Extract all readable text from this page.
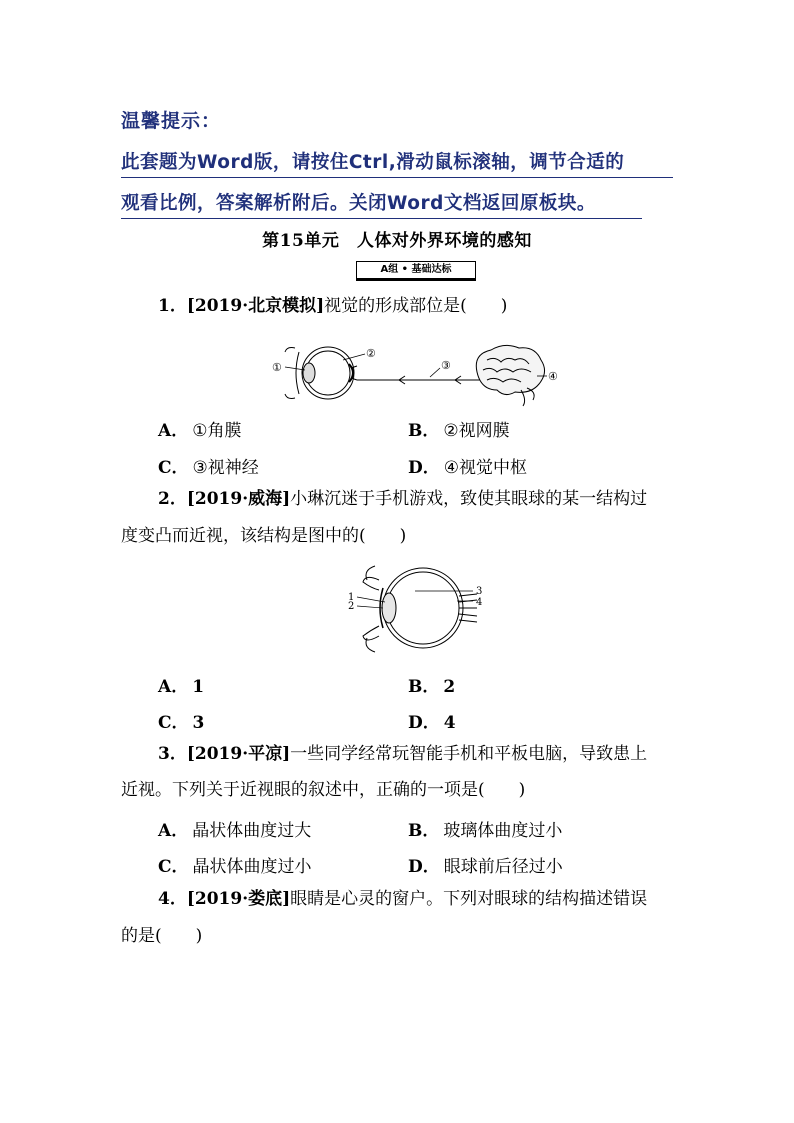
温馨提示：
此套题为Word版，请按住Ctrl,滑动鼠标滚轴，调节合适的
观看比例，答案解析附后。关闭Word文档返回原板块。
第15单元　人体对外界环境的感知
A组 • 基础达标
1．[2019·北京模拟]视觉的形成部位是(　　)
①
②
③
④
A． ①角膜	B． ②视网膜
C． ③视神经	D． ④视觉中枢
2．[2019·威海]小琳沉迷于手机游戏，致使其眼球的某一结构过
度变凸而近视，该结构是图中的(　　)
1
2
3
4
A． 1	B． 2
C． 3	D． 4
3．[2019·平凉]一些同学经常玩智能手机和平板电脑，导致患上
近视。下列关于近视眼的叙述中，正确的一项是(　　)
A． 晶状体曲度过大	B． 玻璃体曲度过小
C． 晶状体曲度过小	D． 眼球前后径过小
4．[2019·娄底]眼睛是心灵的窗户。下列对眼球的结构描述错误
的是(　　)
